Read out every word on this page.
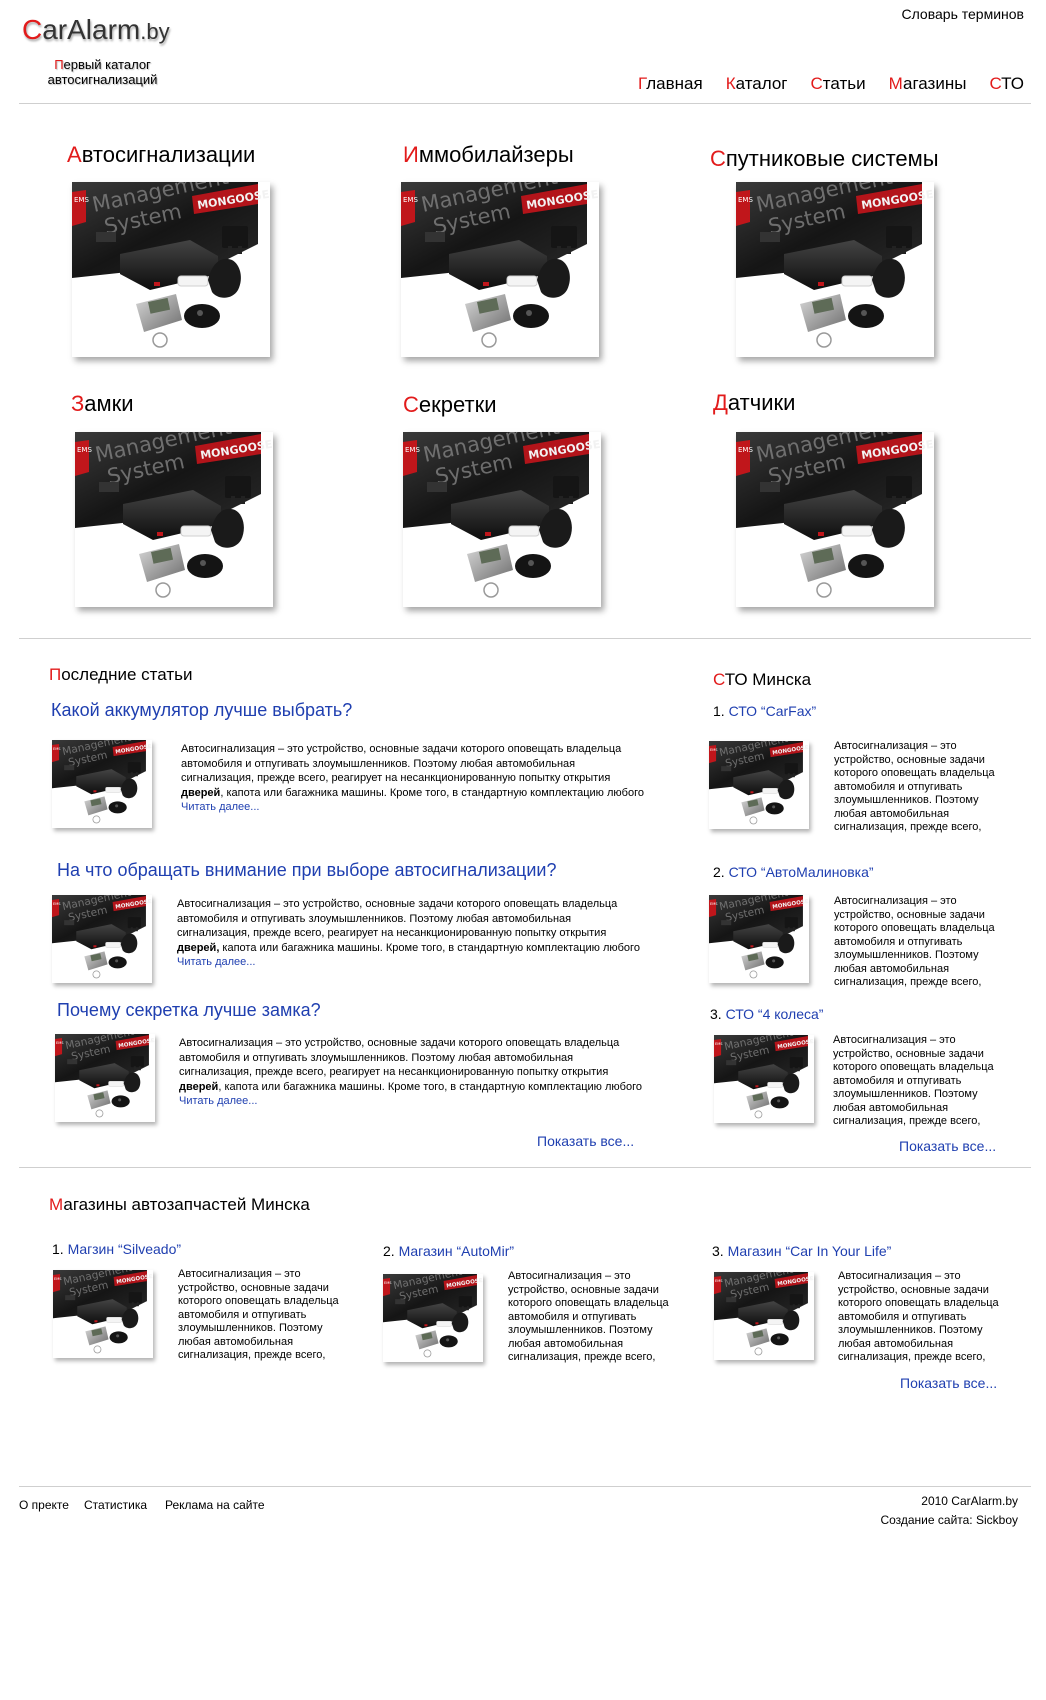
CarAlarm.by
Первый каталог автосигнализаций
Словарь терминов
Главная Каталог Статьи Магазины СТО
Автосигнализации	Иммобилайзеры	Спутниковые системы
Замки	Секретки	Датчики
Последние статьи
Какой аккумулятор лучше выбрать?
Автосигнализация – это устройство, основные задачи которого оповещать владельца автомобиля и отпугивать злоумышленников. Поэтому любая автомобильная сигнализация, прежде всего, реагирует на несанкционированную попытку открытия дверей, капота или багажника машины. Кроме того, в стандартную комплектацию любого Читать далее...
На что обращать внимание при выборе автосигнализации?
Автосигнализация – это устройство, основные задачи которого оповещать владельца автомобиля и отпугивать злоумышленников. Поэтому любая автомобильная сигнализация, прежде всего, реагирует на несанкционированную попытку открытия дверей, капота или багажника машины. Кроме того, в стандартную комплектацию любого Читать далее...
Почему секретка лучше замка?
Автосигнализация – это устройство, основные задачи которого оповещать владельца автомобиля и отпугивать злоумышленников. Поэтому любая автомобильная сигнализация, прежде всего, реагирует на несанкционированную попытку открытия дверей, капота или багажника машины. Кроме того, в стандартную комплектацию любого Читать далее...
Показать все...
СТО Минска
1. СТО “CarFax”
Автосигнализация – это устройство, основные задачи которого оповещать владельца автомобиля и отпугивать злоумышленников. Поэтому любая автомобильная сигнализация, прежде всего,
2. СТО “АвтоМалиновка”
Автосигнализация – это устройство, основные задачи которого оповещать владельца автомобиля и отпугивать злоумышленников. Поэтому любая автомобильная сигнализация, прежде всего,
3. СТО “4 колеса”
Автосигнализация – это устройство, основные задачи которого оповещать владельца автомобиля и отпугивать злоумышленников. Поэтому любая автомобильная сигнализация, прежде всего,
Показать все...
Магазины автозапчастей Минска
1. Магзин “Silveado”
Автосигнализация – это устройство, основные задачи которого оповещать владельца автомобиля и отпугивать злоумышленников. Поэтому любая автомобильная сигнализация, прежде всего,
2. Магазин “AutoMir”
Автосигнализация – это устройство, основные задачи которого оповещать владельца автомобиля и отпугивать злоумышленников. Поэтому любая автомобильная сигнализация, прежде всего,
3. Магазин “Car In Your Life”
Автосигнализация – это устройство, основные задачи которого оповещать владельца автомобиля и отпугивать злоумышленников. Поэтому любая автомобильная сигнализация, прежде всего,
Показать все...
О пректе Статистика Реклама на сайте	2010 CarAlarm.by
Создание сайта: Sickboy
